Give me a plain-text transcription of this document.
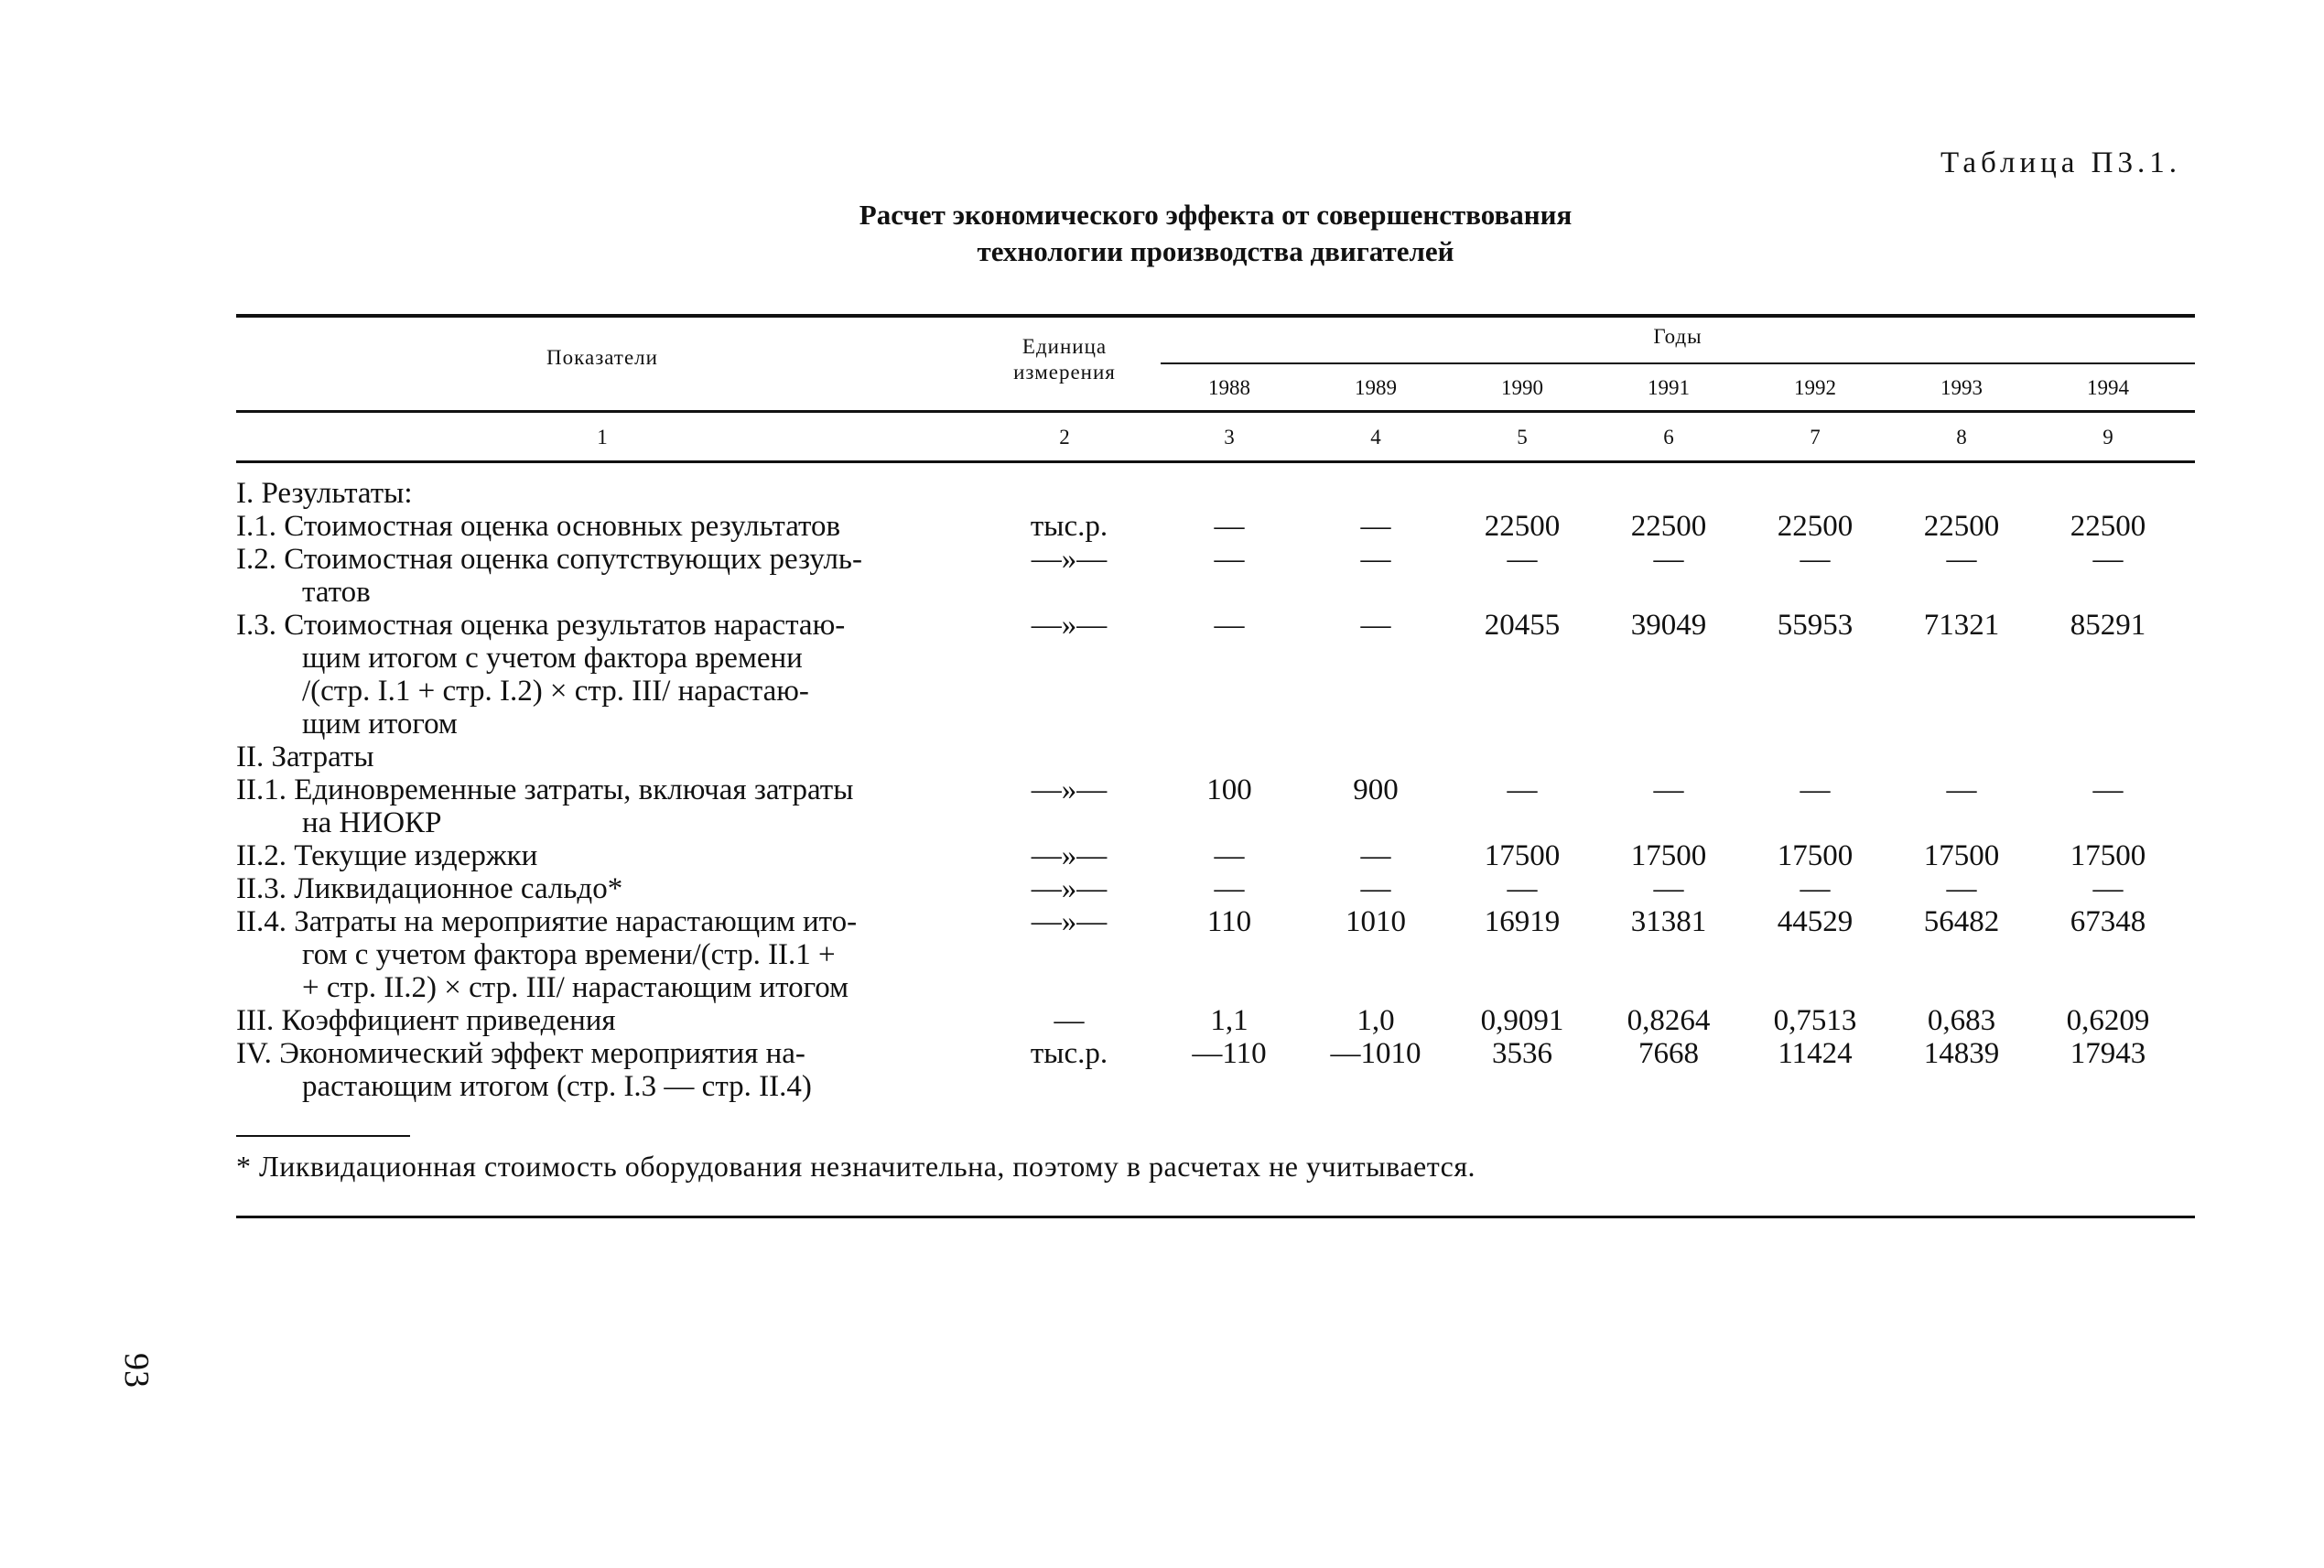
Таблица П3.1.
Расчет экономического эффекта от совершенствования
технологии производства двигателей
Показатели	Единица
измерения
Годы
1988	1989	1990	1991	1992	1993	1994
1	2	3	4	5	6	7	8	9
I. Результаты:
I.1. Стоимостная оценка основных результатов	тыс.р.	—	—	22500	22500	22500	22500	22500
I.2. Стоимостная оценка сопутствующих резуль-
татов
—»—	—	—	—	—	—	—	—
I.3. Стоимостная оценка результатов нарастаю-
щим итогом с учетом фактора времени
/(стр. I.1 + стр. I.2) × стр. III/ нарастаю-
щим итогом
—»—	—	—	20455	39049	55953	71321	85291
II. Затраты
II.1. Единовременные затраты, включая затраты
на НИОКР
—»—	100	900	—	—	—	—	—
II.2. Текущие издержки	—»—	—	—	17500	17500	17500	17500	17500
II.3. Ликвидационное сальдо*	—»—	—	—	—	—	—	—	—
II.4. Затраты на мероприятие нарастающим ито-
гом с учетом фактора времени/(стр. II.1 +
+ стр. II.2) × стр. III/ нарастающим итогом
—»—	110	1010	16919	31381	44529	56482	67348
III. Коэффициент приведения	—	1,1	1,0	0,9091	0,8264	0,7513	0,683	0,6209
IV. Экономический эффект мероприятия на-
растающим итогом (стр. I.3 — стр. II.4)
тыс.р.	—110	—1010	3536	7668	11424	14839	17943
* Ликвидационная стоимость оборудования незначительна, поэтому в расчетах не учитывается.
93
